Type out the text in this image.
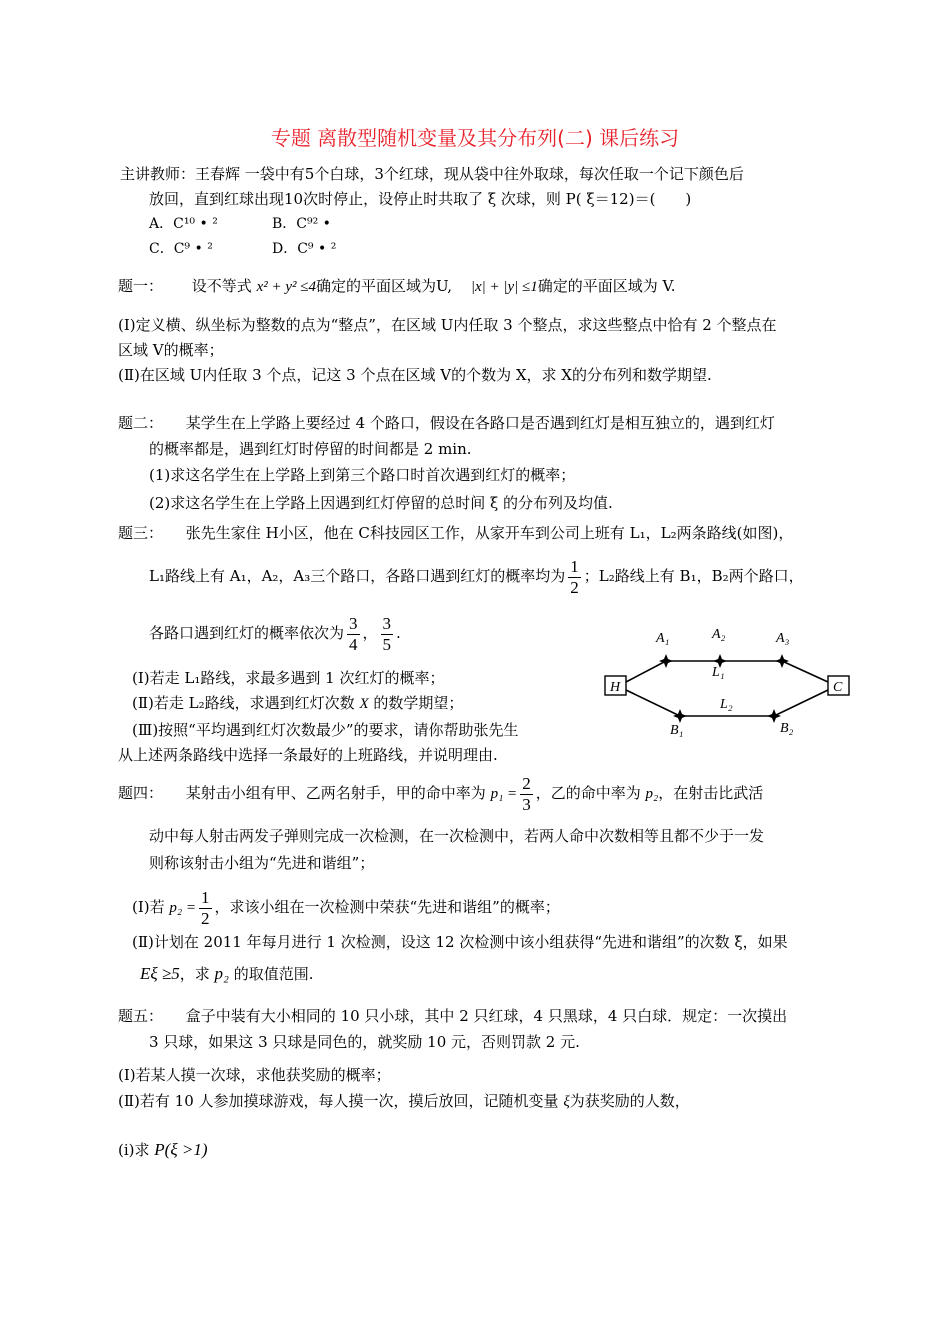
专题 离散型随机变量及其分布列(二) 课后练习
主讲教师：王春辉 一袋中有5个白球，3个红球，现从袋中往外取球，每次任取一个记下颜色后
放回，直到红球出现10次时停止，设停止时共取了 ξ 次球，则 P( ξ＝12)＝(　　)
A．C¹⁰ • ²	B．C⁹² •
C．C⁹ • ²	D．C⁹ • ²
题一： 设不等式 x² + y² ≤4确定的平面区域为U, |x| + |y| ≤1确定的平面区域为 V.
(Ⅰ)定义横、纵坐标为整数的点为“整点”，在区域 U内任取 3 个整点，求这些整点中恰有 2 个整点在
区域 V的概率；
(Ⅱ)在区域 U内任取 3 个点，记这 3 个点在区域 V的个数为 X，求 X的分布列和数学期望.
题二： 某学生在上学路上要经过 4 个路口，假设在各路口是否遇到红灯是相互独立的，遇到红灯
的概率都是，遇到红灯时停留的时间都是 2 min.
(1)求这名学生在上学路上到第三个路口时首次遇到红灯的概率；
(2)求这名学生在上学路上因遇到红灯停留的总时间 ξ 的分布列及均值.
题三： 张先生家住 H小区，他在 C科技园区工作，从家开车到公司上班有 L₁，L₂两条路线(如图)，
L₁路线上有 A₁，A₂，A₃三个路口，各路口遇到红灯的概率均为 $\frac{1}{2}$ ；L₂路线上有 B₁，B₂两个路口，
各路口遇到红灯的概率依次为 $\frac{3}{4}$ ， $\frac{3}{5}$ .
(Ⅰ)若走 L₁路线，求最多遇到 1 次红灯的概率；
(Ⅱ)若走 L₂路线，求遇到红灯次数 X 的数学期望；
(Ⅲ)按照“平均遇到红灯次数最少”的要求，请你帮助张先生
从上述两条路线中选择一条最好的上班路线，并说明理由.
H	C
A₁	A₂	A₃
L₁
L₂
B₁	B₂
题四： 某射击小组有甲、乙两名射手，甲的命中率为 $p_1 = \frac{2}{3}$ ，乙的命中率为 p₂，在射击比武活
动中每人射击两发子弹则完成一次检测，在一次检测中，若两人命中次数相等且都不少于一发
则称该射击小组为“先进和谐组”；
(Ⅰ)若 $p_2 = \frac{1}{2}$ ，求该小组在一次检测中荣获“先进和谐组”的概率；
(Ⅱ)计划在 2011 年每月进行 1 次检测，设这 12 次检测中该小组获得“先进和谐组”的次数 ξ，如果
Eξ ≥5，求 p₂ 的取值范围.
题五： 盒子中装有大小相同的 10 只小球，其中 2 只红球，4 只黑球，4 只白球．规定：一次摸出
3 只球，如果这 3 只球是同色的，就奖励 10 元，否则罚款 2 元.
(Ⅰ)若某人摸一次球，求他获奖励的概率；
(Ⅱ)若有 10 人参加摸球游戏，每人摸一次，摸后放回，记随机变量 ξ为获奖励的人数，
(i)求 P(ξ >1)
